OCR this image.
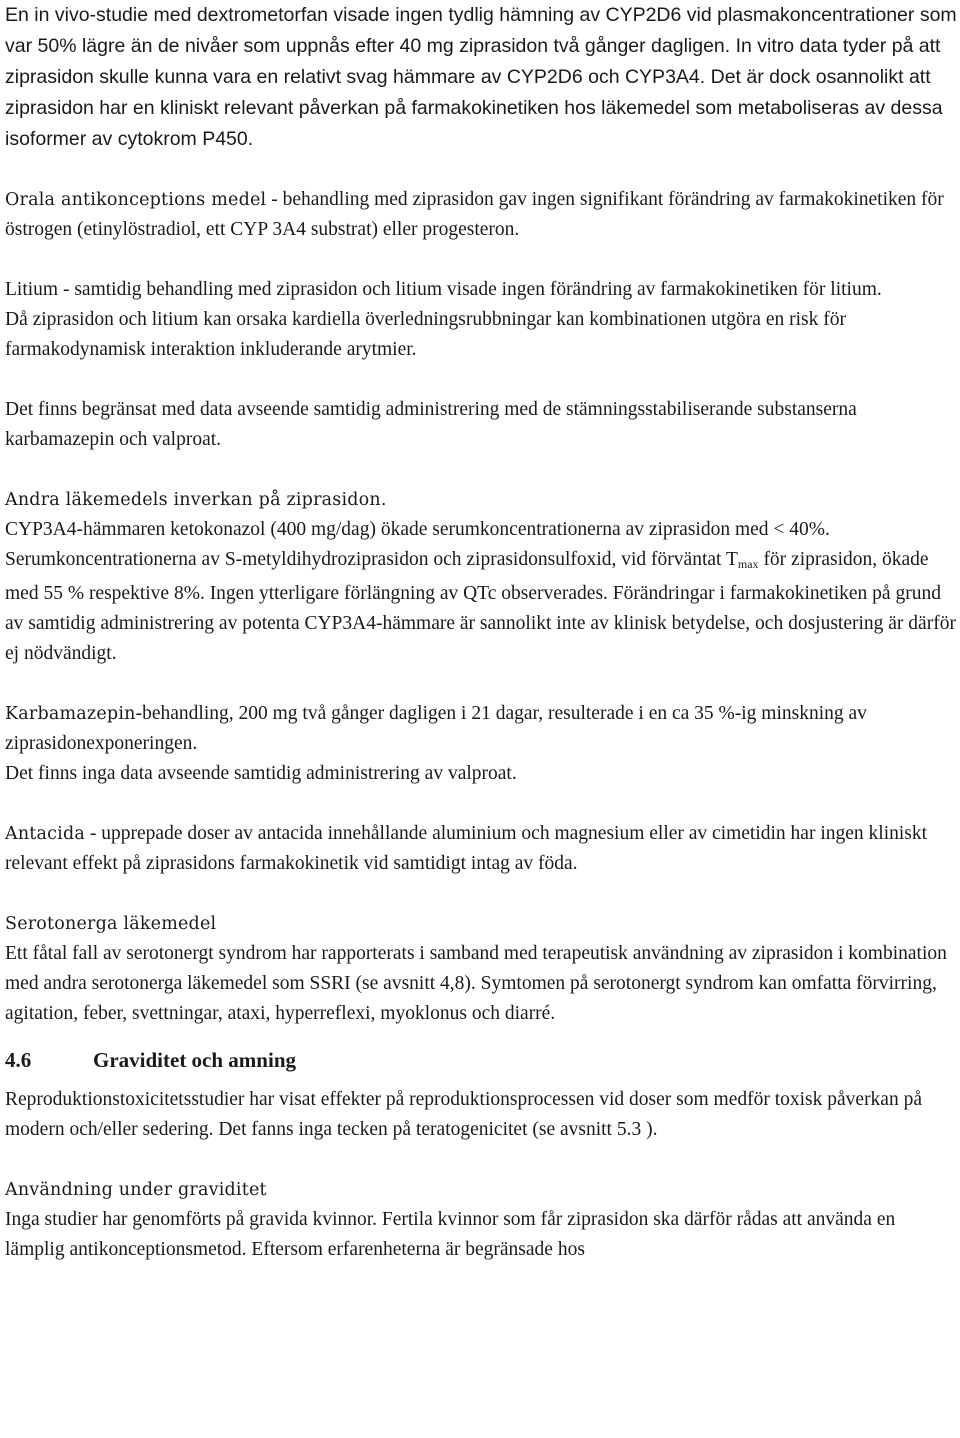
En in vivo-studie med dextrometorfan visade ingen tydlig hämning av CYP2D6 vid plasmakoncentrationer som var 50% lägre än de nivåer som uppnås efter 40 mg ziprasidon två gånger dagligen. In vitro data tyder på att ziprasidon skulle kunna vara en relativt svag hämmare av CYP2D6 och CYP3A4. Det är dock osannolikt att ziprasidon har en kliniskt relevant påverkan på farmakokinetiken hos läkemedel som metaboliseras av dessa isoformer av cytokrom P450.

Orala antikonceptions medel - behandling med ziprasidon gav ingen signifikant förändring av farmakokinetiken för östrogen (etinylöstradiol, ett CYP 3A4 substrat) eller progesteron.

Litium - samtidig behandling med ziprasidon och litium visade ingen förändring av farmakokinetiken för litium.

Då ziprasidon och litium kan orsaka kardiella överledningsrubbningar kan kombinationen utgöra en risk för farmakodynamisk interaktion inkluderande arytmier.

Det finns begränsat med data avseende samtidig administrering med de stämningsstabiliserande substanserna karbamazepin och valproat.

Andra läkemedels inverkan på ziprasidon.

CYP3A4-hämmaren ketokonazol (400 mg/dag) ökade serumkoncentrationerna av ziprasidon med < 40%. Serumkoncentrationerna av S-metyldihydroziprasidon och ziprasidonsulfoxid, vid förväntat $T_{max}$ för ziprasidon, ökade med 55 % respektive 8%. Ingen ytterligare förlängning av QTc observerades. Förändringar i farmakokinetiken på grund av samtidig administrering av potenta CYP3A4-hämmare är sannolikt inte av klinisk betydelse, och dosjustering är därför ej nödvändigt.

Karbamazepin-behandling, 200 mg två gånger dagligen i 21 dagar, resulterade i en ca 35 %-ig minskning av ziprasidonexponeringen.

Det finns inga data avseende samtidig administrering av valproat.

Antacida - upprepade doser av antacida innehållande aluminium och magnesium eller av cimetidin har ingen kliniskt relevant effekt på ziprasidons farmakokinetik vid samtidigt intag av föda.

Serotonerga läkemedel

Ett fåtal fall av serotonergt syndrom har rapporterats i samband med terapeutisk användning av ziprasidon i kombination med andra serotonerga läkemedel som SSRI (se avsnitt 4,8). Symtomen på serotonergt syndrom kan omfatta förvirring, agitation, feber, svettningar, ataxi, hyperreflexi, myoklonus och diarré.

4.6	Graviditet och amning

Reproduktionstoxicitetsstudier har visat effekter på reproduktionsprocessen vid doser som medför toxisk påverkan på modern och/eller sedering. Det fanns inga tecken på teratogenicitet (se avsnitt 5.3 ).

Användning under graviditet

Inga studier har genomförts på gravida kvinnor. Fertila kvinnor som får ziprasidon ska därför rådas att använda en lämplig antikonceptionsmetod. Eftersom erfarenheterna är begränsade hos
